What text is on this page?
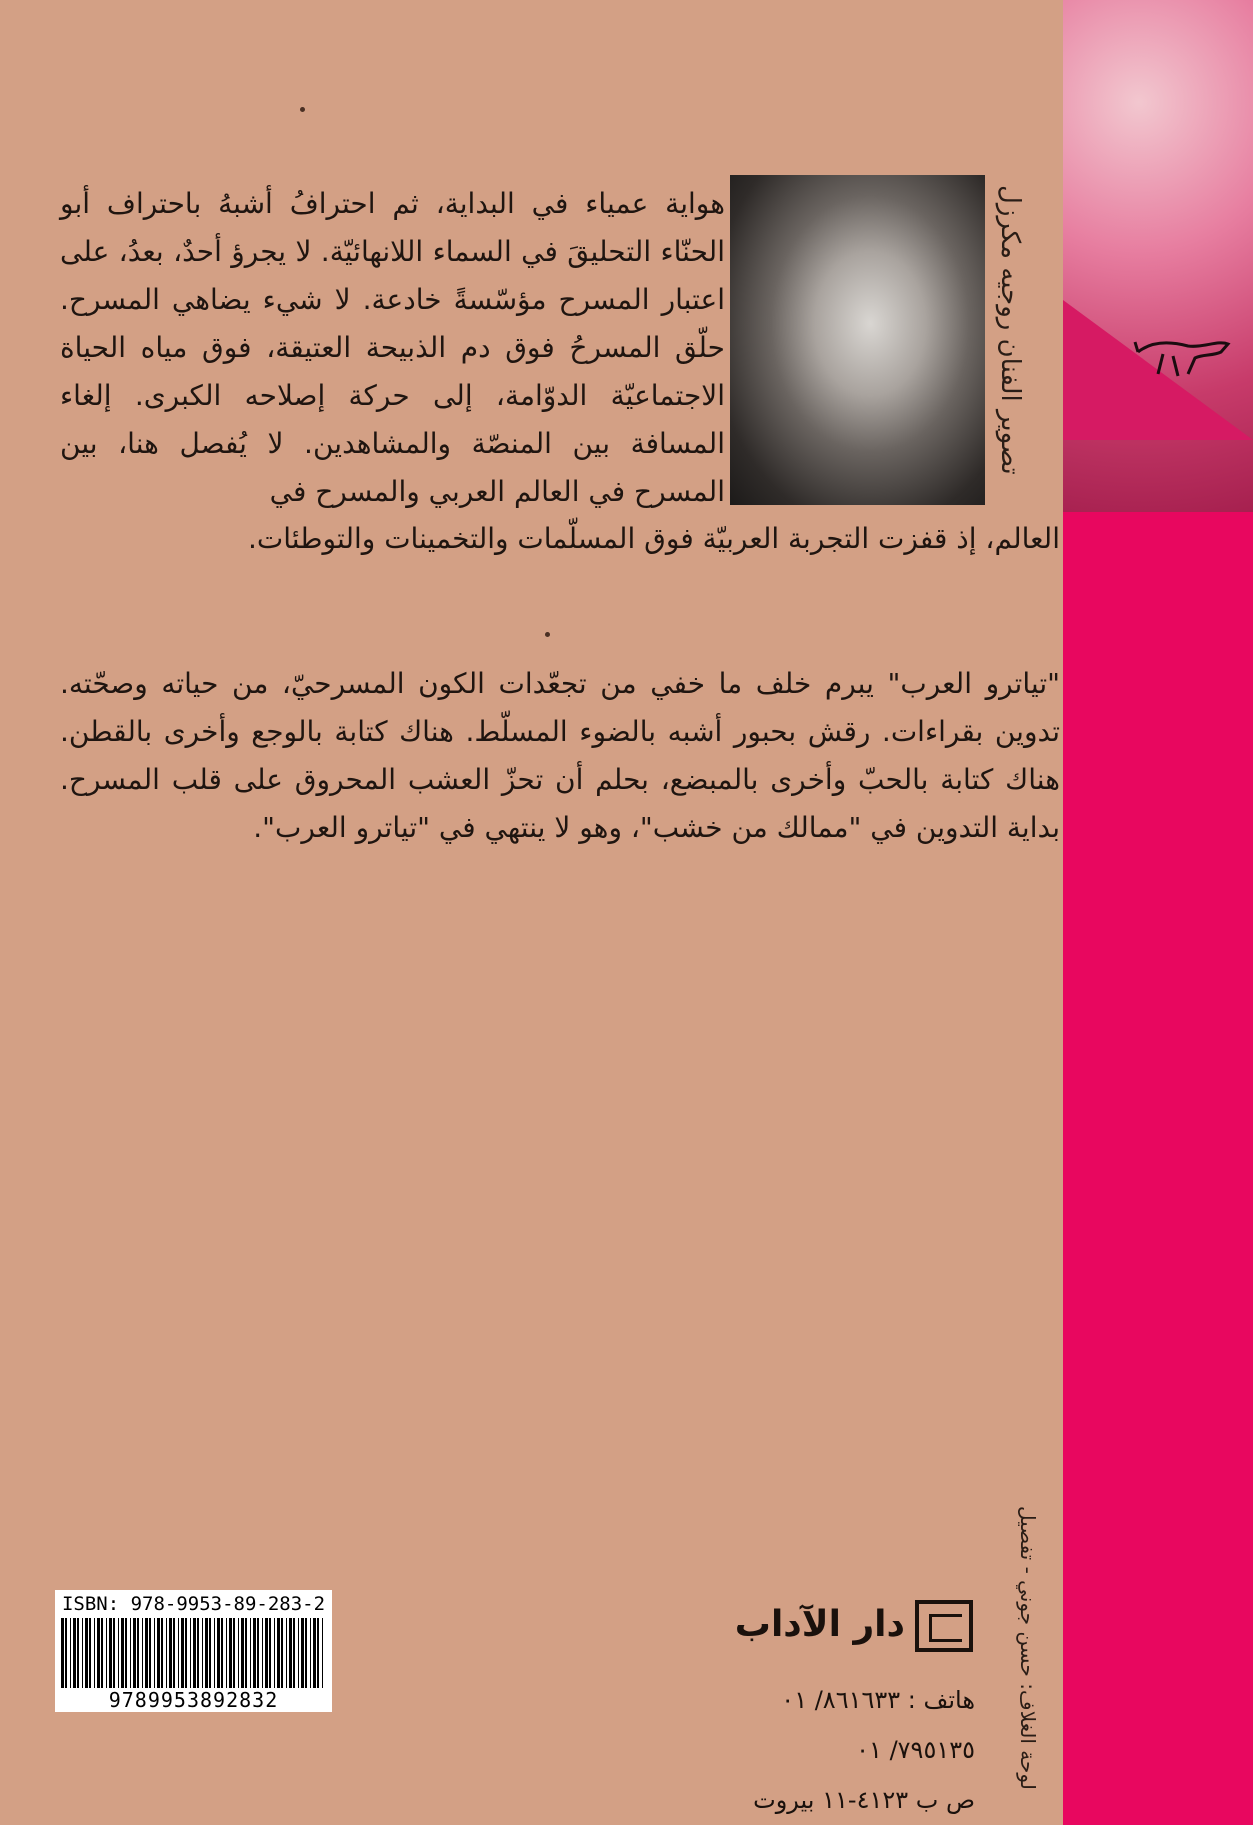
تصوير الفنان روجيه مكرزل
هواية عمياء في البداية، ثم احترافُ أشبهُ باحتراف أبو الحنّاء التحليقَ في السماء اللانهائيّة. لا يجرؤ أحدٌ، بعدُ، على اعتبار المسرح مؤسّسةً خادعة. لا شيء يضاهي المسرح. حلّق المسرحُ فوق دم الذبيحة العتيقة، فوق مياه الحياة الاجتماعيّة الدوّامة، إلى حركة إصلاحه الكبرى. إلغاء المسافة بين المنصّة والمشاهدين. لا يُفصل هنا، بين المسرح في العالم العربي والمسرح في
العالم، إذ قفزت التجربة العربيّة فوق المسلّمات والتخمينات والتوطئات.
"تياترو العرب" يبرم خلف ما خفي من تجعّدات الكون المسرحيّ، من حياته وصحّته. تدوين بقراءات. رقش بحبور أشبه بالضوء المسلّط. هناك كتابة بالوجع وأخرى بالقطن. هناك كتابة بالحبّ وأخرى بالمبضع، بحلم أن تحزّ العشب المحروق على قلب المسرح. بداية التدوين في "ممالك من خشب"، وهو لا ينتهي في "تياترو العرب".
دار الآداب
هاتف : ٨٦١٦٣٣/ ٠١
٧٩٥١٣٥/ ٠١
ص ب ٤١٢٣-١١ بيروت
لوحة الغلاف: حسن جوني - تفصيل
ISBN: 978-9953-89-283-2
9789953892832
